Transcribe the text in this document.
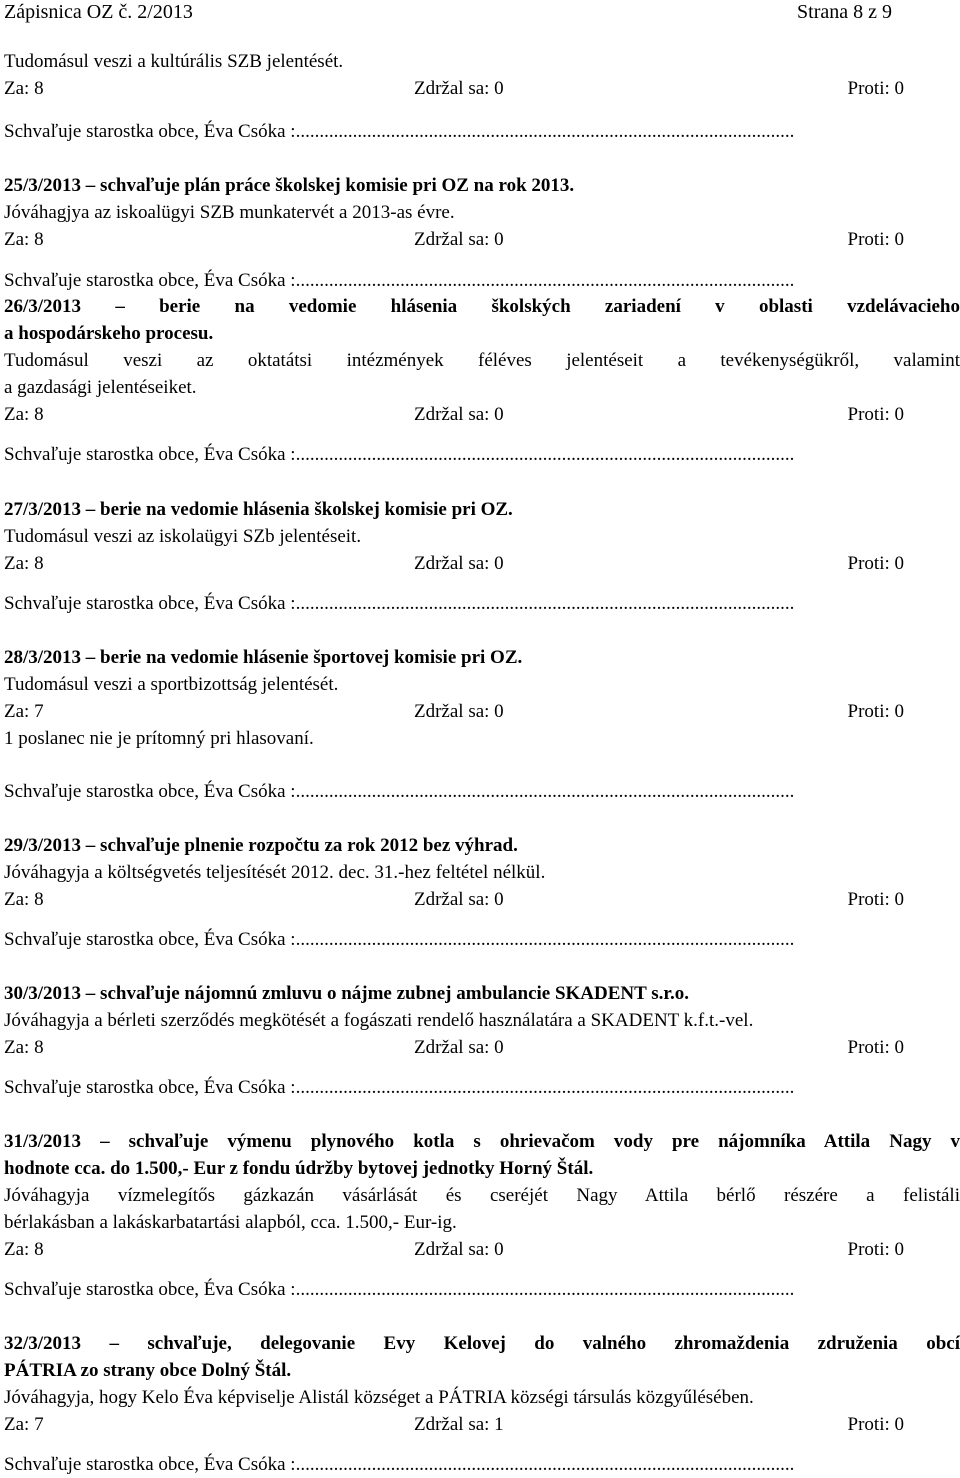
Zápisnica OZ č. 2/2013	Strana 8 z 9
Tudomásul veszi a kultúrális SZB jelentését.
Za: 8	Zdržal sa: 0	Proti: 0
Schvaľuje starostka obce, Éva Csóka :.........................................................................................................
25/3/2013 – schvaľuje plán práce školskej komisie pri OZ na rok 2013.
Jóváhagjya az iskoalügyi SZB munkatervét a 2013-as évre.
Za: 8	Zdržal sa: 0	Proti: 0
Schvaľuje starostka obce, Éva Csóka :.........................................................................................................
26/3/2013 – berie na vedomie hlásenia školských zariadení v oblasti vzdelávacieho
a hospodárskeho procesu.
Tudomásul veszi az oktatátsi intézmények féléves jelentéseit a tevékenységükről, valamint
a gazdasági jelentéseiket.
Za: 8	Zdržal sa: 0	Proti: 0
Schvaľuje starostka obce, Éva Csóka :.........................................................................................................
27/3/2013 – berie na vedomie hlásenia školskej komisie pri OZ.
Tudomásul veszi az iskolaügyi SZb jelentéseit.
Za: 8	Zdržal sa: 0	Proti: 0
Schvaľuje starostka obce, Éva Csóka :.........................................................................................................
28/3/2013 – berie na vedomie hlásenie športovej komisie pri OZ.
Tudomásul veszi a sportbizottság jelentését.
Za: 7	Zdržal sa: 0	Proti: 0
1 poslanec nie je prítomný pri hlasovaní.
Schvaľuje starostka obce, Éva Csóka :.........................................................................................................
29/3/2013 – schvaľuje plnenie rozpočtu za rok 2012 bez výhrad.
Jóváhagyja a költségvetés teljesítését 2012. dec. 31.-hez feltétel nélkül.
Za: 8	Zdržal sa: 0	Proti: 0
Schvaľuje starostka obce, Éva Csóka :.........................................................................................................
30/3/2013 – schvaľuje nájomnú zmluvu o nájme zubnej ambulancie SKADENT s.r.o.
Jóváhagyja a bérleti szerződés megkötését a fogászati rendelő használatára a SKADENT k.f.t.-vel.
Za: 8	Zdržal sa: 0	Proti: 0
Schvaľuje starostka obce, Éva Csóka :.........................................................................................................
31/3/2013 – schvaľuje výmenu plynového kotla s ohrievačom vody pre nájomníka Attila Nagy v
hodnote cca. do 1.500,- Eur z fondu údržby bytovej jednotky Horný Štál.
Jóváhagyja vízmelegítős gázkazán vásárlását és cseréjét Nagy Attila bérlő részére a felistáli
bérlakásban a lakáskarbatartási alapból, cca. 1.500,- Eur-ig.
Za: 8	Zdržal sa: 0	Proti: 0
Schvaľuje starostka obce, Éva Csóka :.........................................................................................................
32/3/2013 – schvaľuje, delegovanie Evy Kelovej do valného zhromaždenia združenia obcí
PÁTRIA zo strany obce Dolný Štál.
Jóváhagyja, hogy Kelo Éva képviselje Alistál községet a PÁTRIA községi társulás közgyűlésében.
Za: 7	Zdržal sa: 1	Proti: 0
Schvaľuje starostka obce, Éva Csóka :.........................................................................................................
